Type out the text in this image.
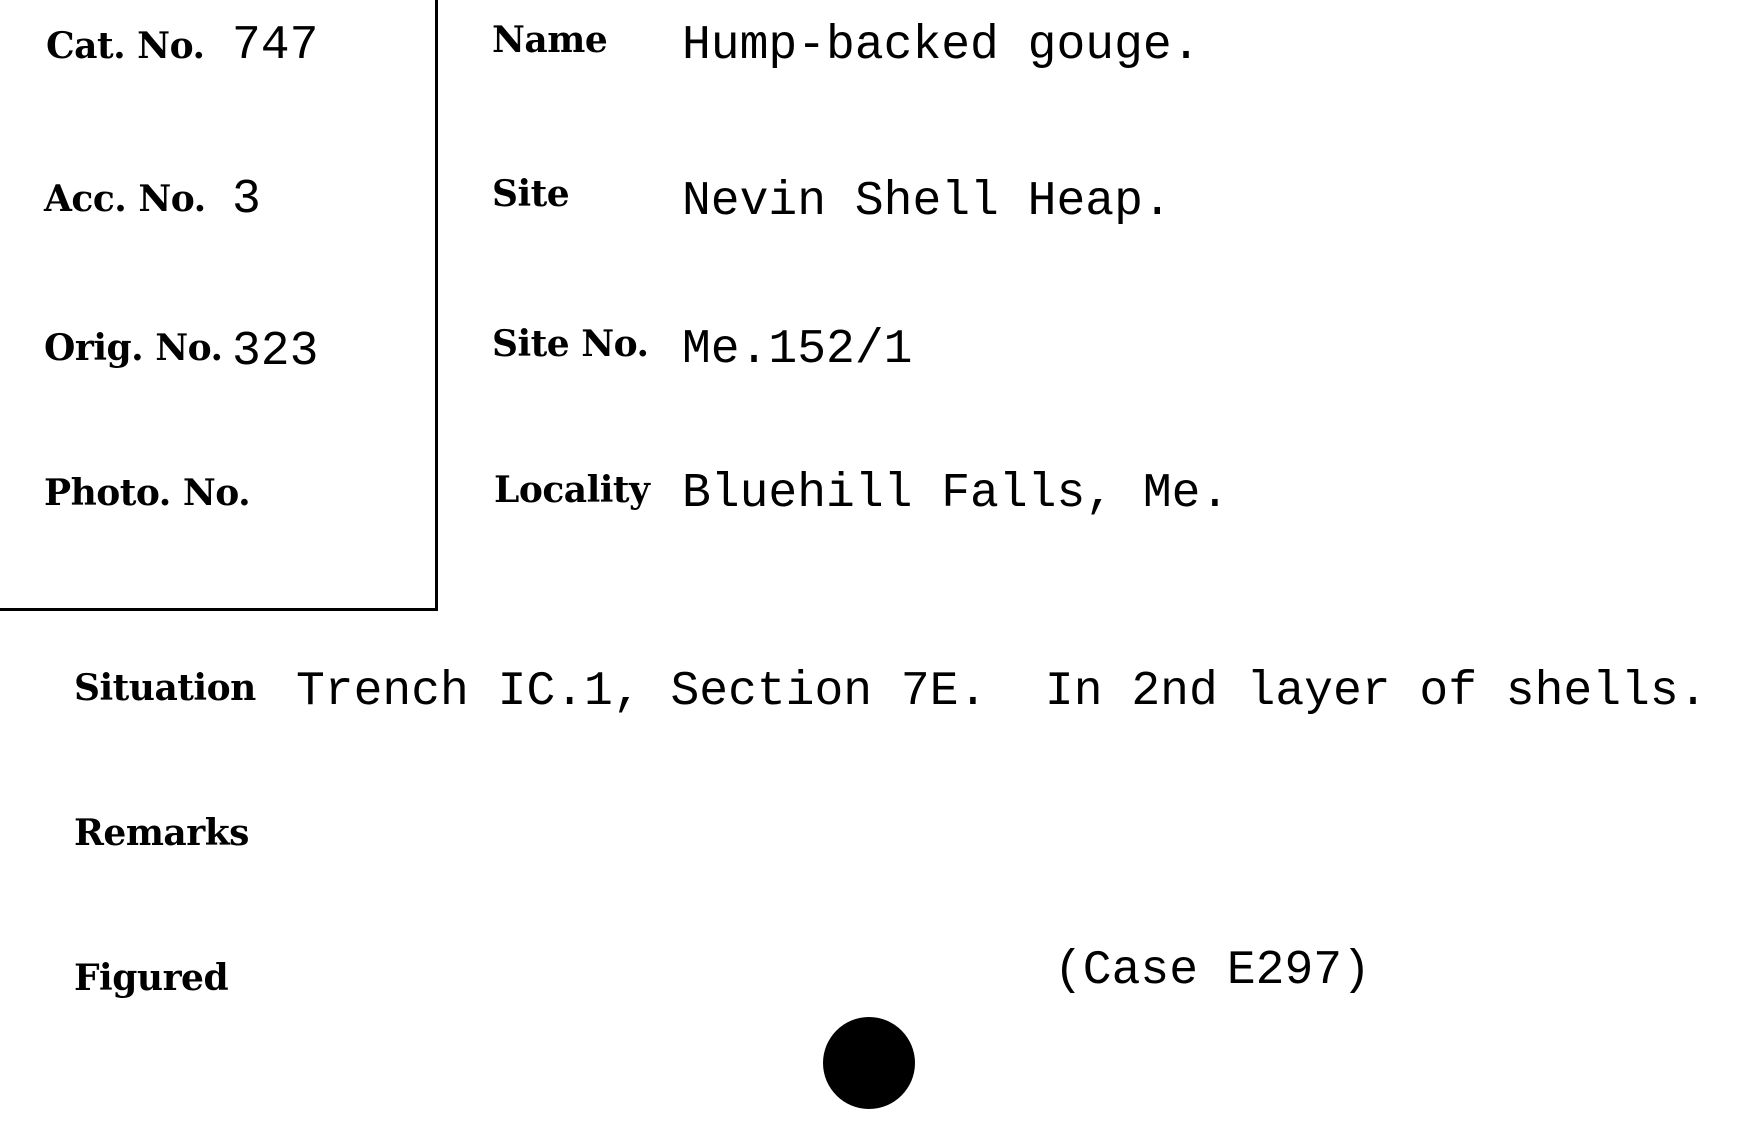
Cat. No. 747
Acc. No. 3
Orig. No. 323
Photo. No.
Name Hump-backed gouge.
Site Nevin Shell Heap.
Site No. Me.152/1
Locality Bluehill Falls, Me.
Situation Trench IC.1, Section 7E.  In 2nd layer of shells.
Remarks
Figured	(Case E297)
